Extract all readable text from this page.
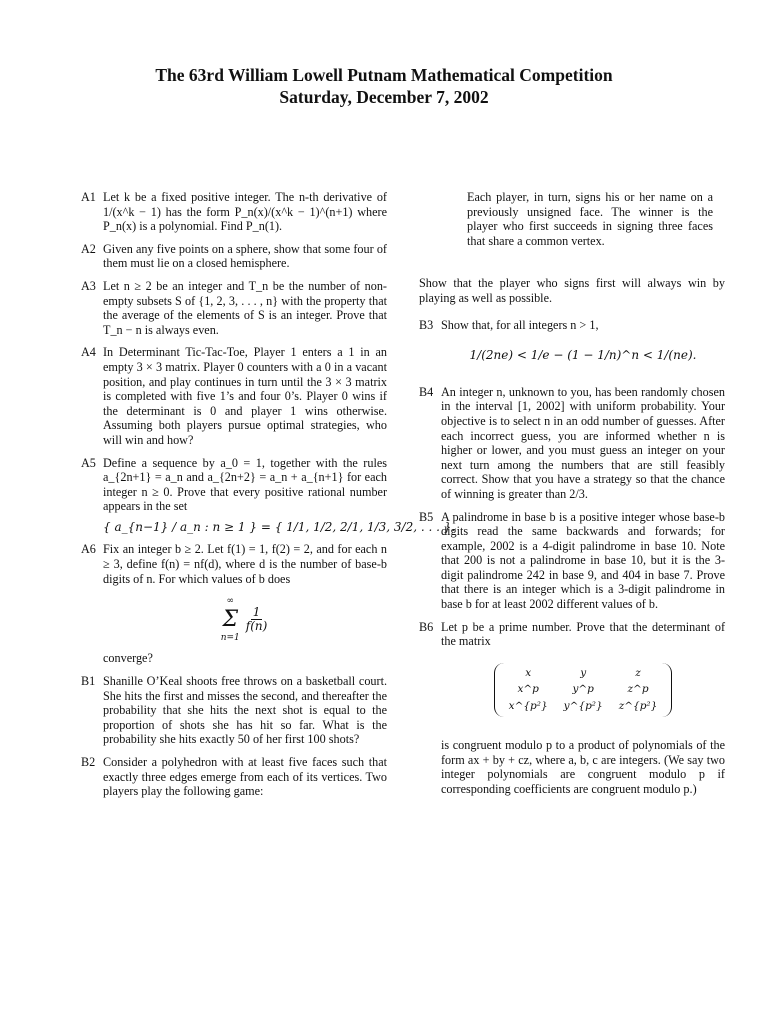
The 63rd William Lowell Putnam Mathematical Competition
Saturday, December 7, 2002
A1 Let k be a fixed positive integer. The n-th derivative of 1/(x^k − 1) has the form P_n(x)/(x^k − 1)^(n+1) where P_n(x) is a polynomial. Find P_n(1).
A2 Given any five points on a sphere, show that some four of them must lie on a closed hemisphere.
A3 Let n ≥ 2 be an integer and T_n be the number of non-empty subsets S of {1, 2, 3, . . . , n} with the property that the average of the elements of S is an integer. Prove that T_n − n is always even.
A4 In Determinant Tic-Tac-Toe, Player 1 enters a 1 in an empty 3 × 3 matrix. Player 0 counters with a 0 in a vacant position, and play continues in turn until the 3 × 3 matrix is completed with five 1’s and four 0’s. Player 0 wins if the determinant is 0 and player 1 wins otherwise. Assuming both players pursue optimal strategies, who will win and how?
A5 Define a sequence by a_0 = 1, together with the rules a_{2n+1} = a_n and a_{2n+2} = a_n + a_{n+1} for each integer n ≥ 0. Prove that every positive rational number appears in the set
{ a_{n−1} / a_n : n ≥ 1 } = { 1/1, 1/2, 2/1, 1/3, 3/2, . . . }.
A6 Fix an integer b ≥ 2. Let f(1) = 1, f(2) = 2, and for each n ≥ 3, define f(n) = nf(d), where d is the number of base-b digits of n. For which values of b does
∞
Σ
n=1
$\frac{1}{f(n)}$
converge?
B1 Shanille O’Keal shoots free throws on a basketball court. She hits the first and misses the second, and thereafter the probability that she hits the next shot is equal to the proportion of shots she has hit so far. What is the probability she hits exactly 50 of her first 100 shots?
B2 Consider a polyhedron with at least five faces such that exactly three edges emerge from each of its vertices. Two players play the following game:
Each player, in turn, signs his or her name on a previously unsigned face. The winner is the player who first succeeds in signing three faces that share a common vertex.
Show that the player who signs first will always win by playing as well as possible.
B3 Show that, for all integers n > 1,
1/(2ne) < 1/e − (1 − 1/n)^n < 1/(ne).
B4 An integer n, unknown to you, has been randomly chosen in the interval [1, 2002] with uniform probability. Your objective is to select n in an odd number of guesses. After each incorrect guess, you are informed whether n is higher or lower, and you must guess an integer on your next turn among the numbers that are still feasibly correct. Show that you have a strategy so that the chance of winning is greater than 2/3.
B5 A palindrome in base b is a positive integer whose base-b digits read the same backwards and forwards; for example, 2002 is a 4-digit palindrome in base 10. Note that 200 is not a palindrome in base 10, but it is the 3-digit palindrome 242 in base 9, and 404 in base 7. Prove that there is an integer which is a 3-digit palindrome in base b for at least 2002 different values of b.
B6 Let p be a prime number. Prove that the determinant of the matrix
x	y	z
x^p	y^p	z^p
x^{p²}	y^{p²}	z^{p²}
is congruent modulo p to a product of polynomials of the form ax + by + cz, where a, b, c are integers. (We say two integer polynomials are congruent modulo p if corresponding coefficients are congruent modulo p.)
